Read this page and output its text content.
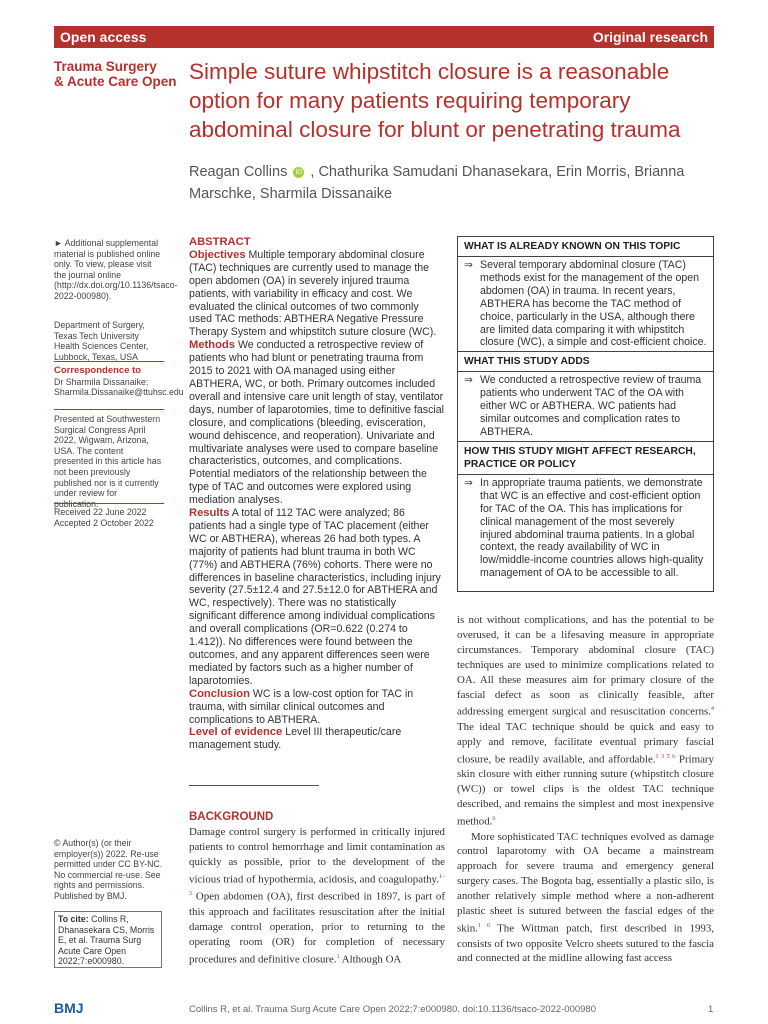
Open access	Original research
Trauma Surgery
& Acute Care Open Simple suture whipstitch closure is a reasonable option for many patients requiring temporary abdominal closure for blunt or penetrating trauma
Reagan Collins iD , Chathurika Samudani Dhanasekara, Erin Morris, Brianna Marschke, Sharmila Dissanaike
► Additional supplemental material is published online only. To view, please visit the journal online (http://dx.doi.org/10.1136/tsaco-2022-000980).
Department of Surgery, Texas Tech University Health Sciences Center, Lubbock, Texas, USA
Correspondence to
Dr Sharmila Dissanaike; Sharmila.Dissanaike@ttuhsc.edu
Presented at Southwestern Surgical Congress April 2022, Wigwam, Arizona, USA. The content presented in this article has not been previously published nor is it currently under review for publication.
Received 22 June 2022
Accepted 2 October 2022
© Author(s) (or their employer(s)) 2022. Re-use permitted under CC BY-NC. No commercial re-use. See rights and permissions. Published by BMJ.
To cite: Collins R, Dhanasekara CS, Morris E, et al. Trauma Surg Acute Care Open 2022;7:e000980.
ABSTRACT

Objectives Multiple temporary abdominal closure (TAC) techniques are currently used to manage the open abdomen (OA) in severely injured trauma patients, with variability in efficacy and cost. We evaluated the clinical outcomes of two commonly used TAC methods: ABTHERA Negative Pressure Therapy System and whipstitch suture closure (WC).

Methods We conducted a retrospective review of patients who had blunt or penetrating trauma from 2015 to 2021 with OA managed using either ABTHERA, WC, or both. Primary outcomes included overall and intensive care unit length of stay, ventilator days, number of laparotomies, time to definitive fascial closure, and complications (bleeding, evisceration, wound dehiscence, and reoperation). Univariate and multivariate analyses were used to compare baseline characteristics, outcomes, and complications. Potential mediators of the relationship between the type of TAC and outcomes were explored using mediation analyses.

Results A total of 112 TAC were analyzed; 86 patients had a single type of TAC placement (either WC or ABTHERA), whereas 26 had both types. A majority of patients had blunt trauma in both WC (77%) and ABTHERA (76%) cohorts. There were no differences in baseline characteristics, including injury severity (27.5±12.4 and 27.5±12.0 for ABTHERA and WC, respectively). There was no statistically significant difference among individual complications and overall complications (OR=0.622 (0.274 to 1.412)). No differences were found between the outcomes, and any apparent differences seen were mediated by factors such as a higher number of laparotomies.

Conclusion WC is a low-cost option for TAC in trauma, with similar clinical outcomes and complications to ABTHERA.

Level of evidence Level III therapeutic/care management study.

WHAT IS ALREADY KNOWN ON THIS TOPIC
⇒ Several temporary abdominal closure (TAC) methods exist for the management of the open abdomen (OA) in trauma. In recent years, ABTHERA has become the TAC method of choice, particularly in the USA, although there are limited data comparing it with whipstitch closure (WC), a simple and cost-efficient choice.
WHAT THIS STUDY ADDS
⇒ We conducted a retrospective review of trauma patients who underwent TAC of the OA with either WC or ABTHERA. WC patients had similar outcomes and complication rates to ABTHERA.
HOW THIS STUDY MIGHT AFFECT RESEARCH, PRACTICE OR POLICY
⇒ In appropriate trauma patients, we demonstrate that WC is an effective and cost-efficient option for TAC of the OA. This has implications for clinical management of the most severely injured abdominal trauma patients. In a global context, the ready availability of WC in low/middle-income countries allows high-quality management of OA to be accessible to all.
BACKGROUND

Damage control surgery is performed in critically injured patients to control hemorrhage and limit contamination as quickly as possible, prior to the development of the vicious triad of hypothermia, acidosis, and coagulopathy.$^{1-3}$ Open abdomen (OA), first described in 1897, is part of this approach and facilitates resuscitation after the initial damage control operation, prior to returning to the operating room (OR) for completion of necessary procedures and definitive closure.$^1$ Although OA

is not without complications, and has the potential to be overused, it can be a lifesaving measure in appropriate circumstances. Temporary abdominal closure (TAC) techniques are used to minimize complications related to OA. All these measures aim for primary closure of the fascial defect as soon as clinically feasible, after addressing emergent surgical and resuscitation concerns.$^4$ The ideal TAC technique should be quick and easy to apply and remove, facilitate eventual primary fascial closure, be readily available, and affordable.$^{1 3 5 6}$ Primary skin closure with either running suture (whipstitch closure (WC)) or towel clips is the oldest TAC technique described, and remains the simplest and most inexpensive method.$^6$

More sophisticated TAC techniques evolved as damage control laparotomy with OA became a mainstream approach for severe trauma and emergency general surgery cases. The Bogota bag, essentially a plastic silo, is another relatively simple method where a non-adherent plastic sheet is sutured between the fascial edges of the skin.$^{1 6}$ The Wittman patch, first described in 1993, consists of two opposite Velcro sheets sutured to the fascia and connected at the midline allowing fast access

BMJ	Collins R, et al. Trauma Surg Acute Care Open 2022;7:e000980. doi:10.1136/tsaco-2022-000980	1
